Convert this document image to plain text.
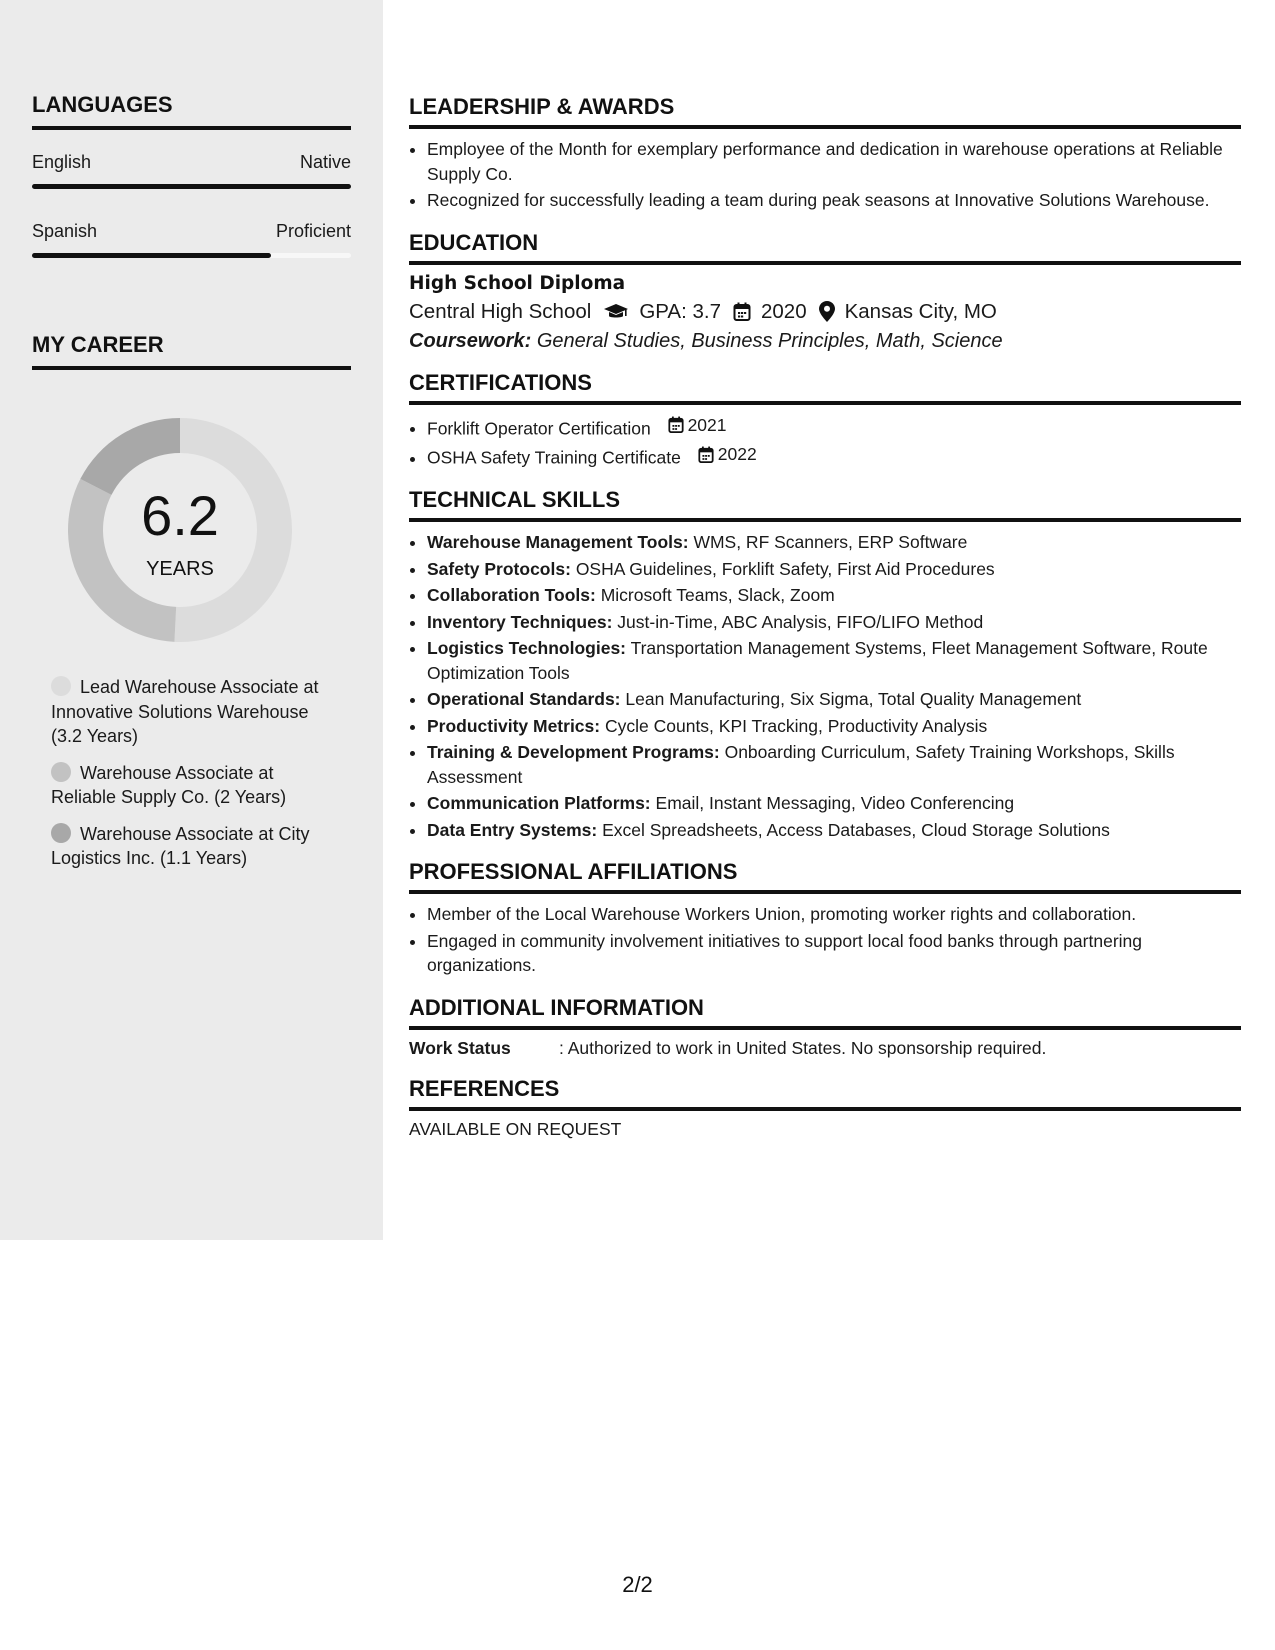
LANGUAGES
English	Native
Spanish	Proficient
MY CAREER
6.2
YEARS
Lead Warehouse Associate at Innovative Solutions Warehouse (3.2 Years)
Warehouse Associate at Reliable Supply Co. (2 Years)
Warehouse Associate at City Logistics Inc. (1.1 Years)
LEADERSHIP & AWARDS
• Employee of the Month for exemplary performance and dedication in warehouse operations at Reliable Supply Co.
• Recognized for successfully leading a team during peak seasons at Innovative Solutions Warehouse.
EDUCATION
High School Diploma
Central High School GPA: 3.7 2020 Kansas City, MO
Coursework: General Studies, Business Principles, Math, Science
CERTIFICATIONS
• Forklift Operator Certification 2021
• OSHA Safety Training Certificate 2022
TECHNICAL SKILLS
• Warehouse Management Tools: WMS, RF Scanners, ERP Software
• Safety Protocols: OSHA Guidelines, Forklift Safety, First Aid Procedures
• Collaboration Tools: Microsoft Teams, Slack, Zoom
• Inventory Techniques: Just-in-Time, ABC Analysis, FIFO/LIFO Method
• Logistics Technologies: Transportation Management Systems, Fleet Management Software, Route Optimization Tools
• Operational Standards: Lean Manufacturing, Six Sigma, Total Quality Management
• Productivity Metrics: Cycle Counts, KPI Tracking, Productivity Analysis
• Training & Development Programs: Onboarding Curriculum, Safety Training Workshops, Skills Assessment
• Communication Platforms: Email, Instant Messaging, Video Conferencing
• Data Entry Systems: Excel Spreadsheets, Access Databases, Cloud Storage Solutions
PROFESSIONAL AFFILIATIONS
• Member of the Local Warehouse Workers Union, promoting worker rights and collaboration.
• Engaged in community involvement initiatives to support local food banks through partnering organizations.
ADDITIONAL INFORMATION
Work Status	: Authorized to work in United States. No sponsorship required.
REFERENCES
AVAILABLE ON REQUEST
2/2
